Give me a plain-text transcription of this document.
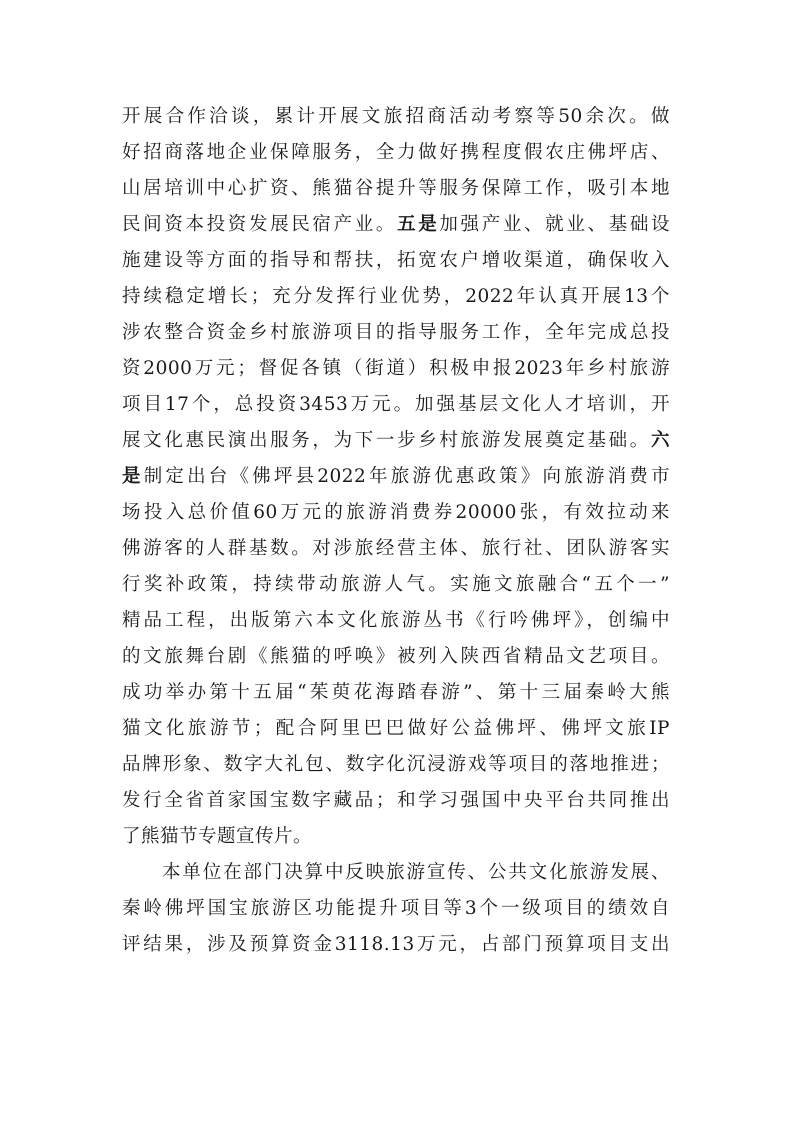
开展合作洽谈，累计开展文旅招商活动考察等50余次。做
好招商落地企业保障服务，全力做好携程度假农庄佛坪店、
山居培训中心扩资、熊猫谷提升等服务保障工作，吸引本地
民间资本投资发展民宿产业。五是加强产业、就业、基础设
施建设等方面的指导和帮扶，拓宽农户增收渠道，确保收入
持续稳定增长；充分发挥行业优势，2022年认真开展13个
涉农整合资金乡村旅游项目的指导服务工作，全年完成总投
资2000万元；督促各镇（街道）积极申报2023年乡村旅游
项目17个，总投资3453万元。加强基层文化人才培训，开
展文化惠民演出服务，为下一步乡村旅游发展奠定基础。六
是制定出台《佛坪县2022年旅游优惠政策》向旅游消费市
场投入总价值60万元的旅游消费券20000张，有效拉动来
佛游客的人群基数。对涉旅经营主体、旅行社、团队游客实
行奖补政策，持续带动旅游人气。实施文旅融合“五个一”
精品工程，出版第六本文化旅游丛书《行吟佛坪》，创编中
的文旅舞台剧《熊猫的呼唤》被列入陕西省精品文艺项目。
成功举办第十五届“茱萸花海踏春游”、第十三届秦岭大熊
猫文化旅游节；配合阿里巴巴做好公益佛坪、佛坪文旅IP
品牌形象、数字大礼包、数字化沉浸游戏等项目的落地推进；
发行全省首家国宝数字藏品；和学习强国中央平台共同推出
了熊猫节专题宣传片。
本单位在部门决算中反映旅游宣传、公共文化旅游发展、
秦岭佛坪国宝旅游区功能提升项目等3个一级项目的绩效自
评结果，涉及预算资金3118.13万元，占部门预算项目支出
